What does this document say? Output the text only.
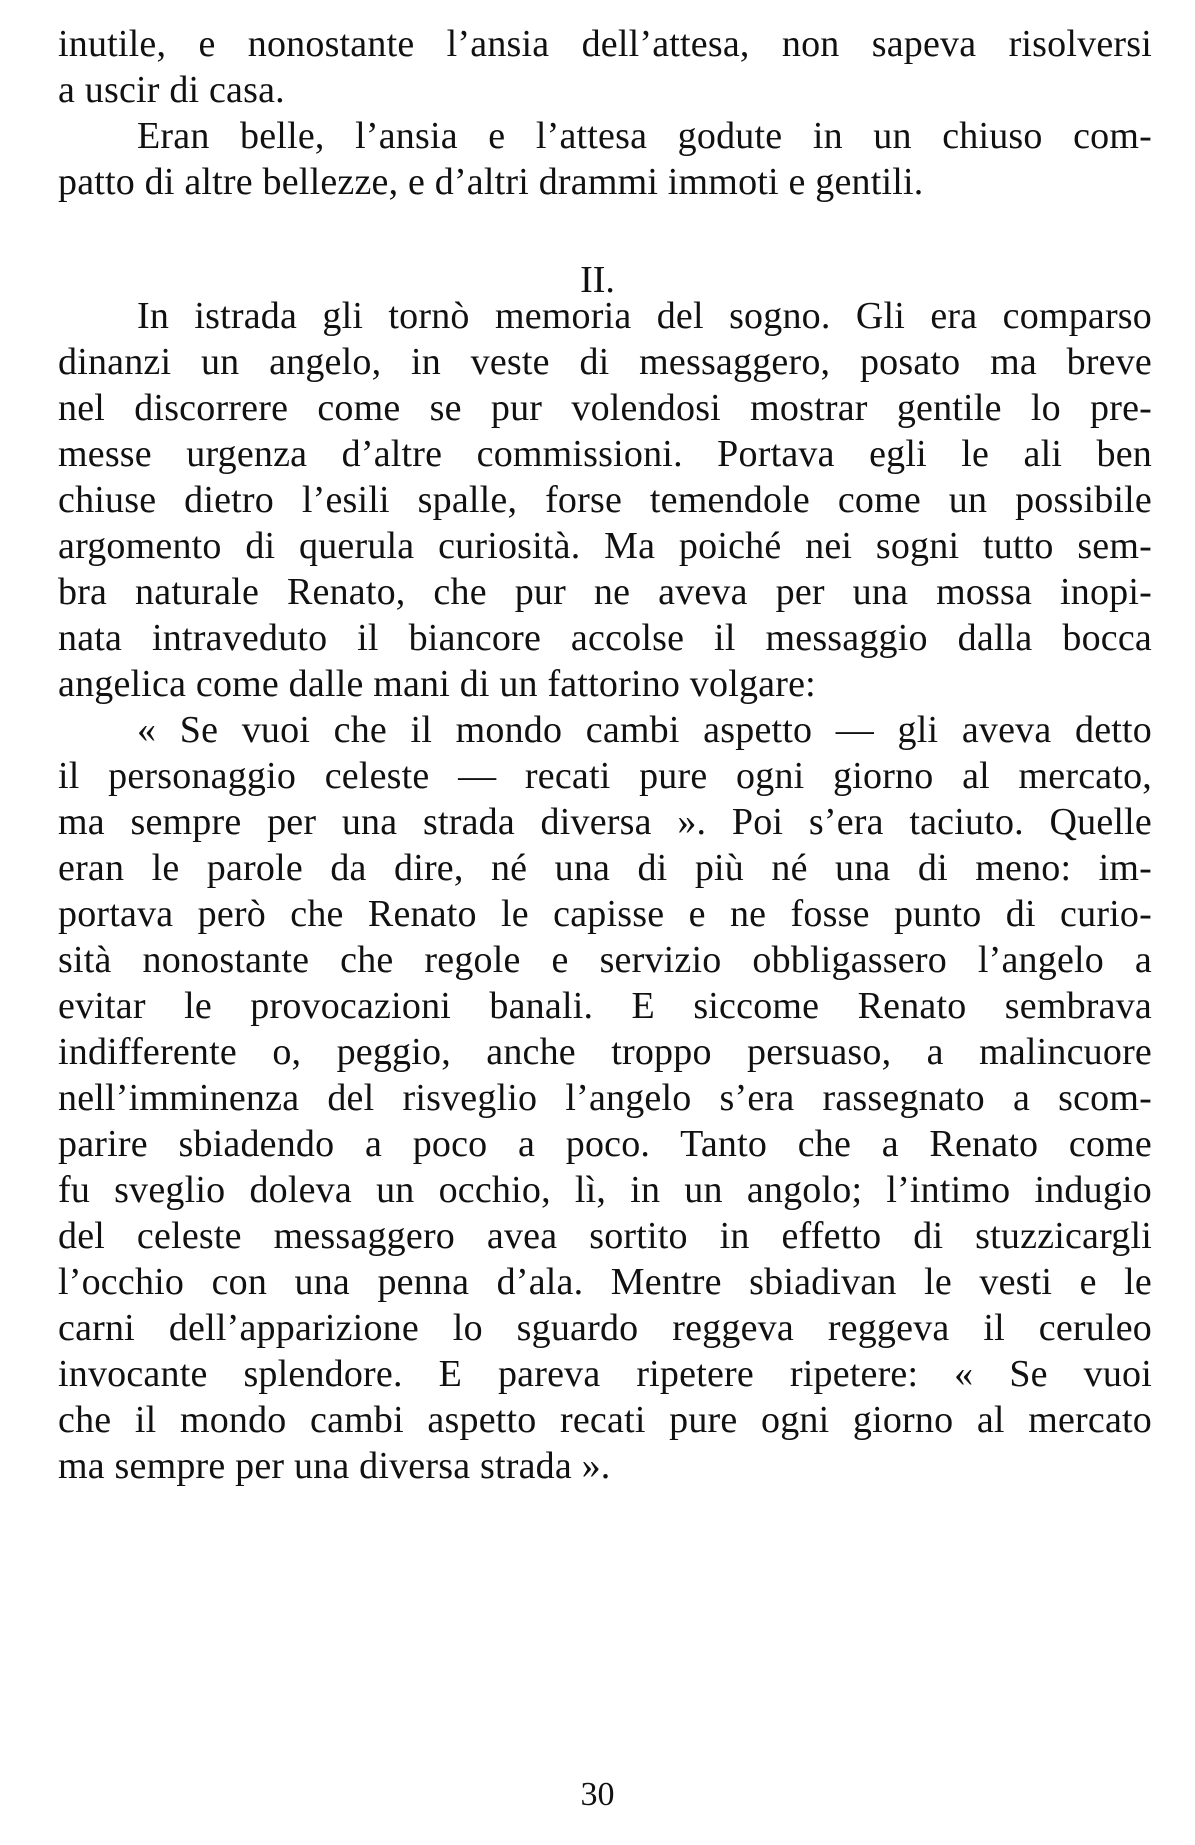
inutile, e nonostante l’ansia dell’attesa, non sapeva risolversi
a uscir di casa.
Eran belle, l’ansia e l’attesa godute in un chiuso com-
patto di altre bellezze, e d’altri drammi immoti e gentili.
II.
In istrada gli tornò memoria del sogno. Gli era comparso
dinanzi un angelo, in veste di messaggero, posato ma breve
nel discorrere come se pur volendosi mostrar gentile lo pre-
messe urgenza d’altre commissioni. Portava egli le ali ben
chiuse dietro l’esili spalle, forse temendole come un possibile
argomento di querula curiosità. Ma poiché nei sogni tutto sem-
bra naturale Renato, che pur ne aveva per una mossa inopi-
nata intraveduto il biancore accolse il messaggio dalla bocca
angelica come dalle mani di un fattorino volgare:
« Se vuoi che il mondo cambi aspetto — gli aveva detto
il personaggio celeste — recati pure ogni giorno al mercato,
ma sempre per una strada diversa ». Poi s’era taciuto. Quelle
eran le parole da dire, né una di più né una di meno: im-
portava però che Renato le capisse e ne fosse punto di curio-
sità nonostante che regole e servizio obbligassero l’angelo a
evitar le provocazioni banali. E siccome Renato sembrava
indifferente o, peggio, anche troppo persuaso, a malincuore
nell’imminenza del risveglio l’angelo s’era rassegnato a scom-
parire sbiadendo a poco a poco. Tanto che a Renato come
fu sveglio doleva un occhio, lì, in un angolo; l’intimo indugio
del celeste messaggero avea sortito in effetto di stuzzicargli
l’occhio con una penna d’ala. Mentre sbiadivan le vesti e le
carni dell’apparizione lo sguardo reggeva reggeva il ceruleo
invocante splendore. E pareva ripetere ripetere: « Se vuoi
che il mondo cambi aspetto recati pure ogni giorno al mercato
ma sempre per una diversa strada ».
30
